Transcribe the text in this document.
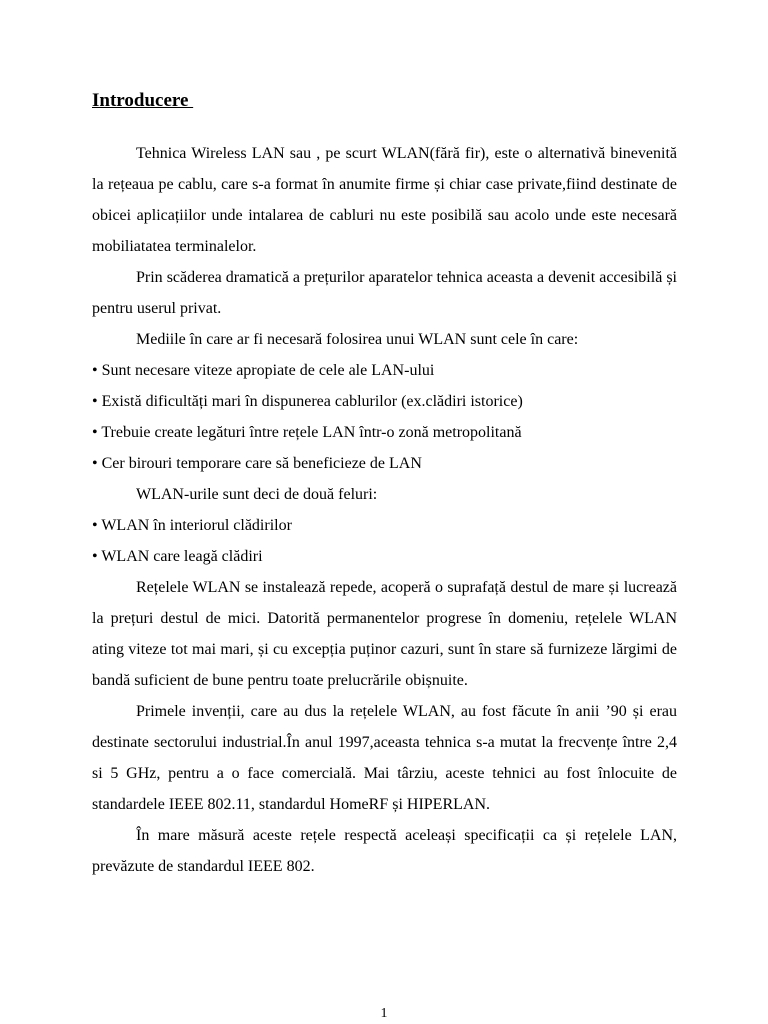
Introducere

Tehnica Wireless LAN sau , pe scurt WLAN(fără fir), este o alternativă binevenită la rețeaua pe cablu, care s-a format în anumite firme și chiar case private,fiind destinate de obicei aplicațiilor unde intalarea de cabluri nu este posibilă sau acolo unde este necesară mobiliatatea terminalelor.

Prin scăderea dramatică a prețurilor aparatelor tehnica aceasta a devenit accesibilă și pentru userul privat.

Mediile în care ar fi necesară folosirea unui WLAN sunt cele în care:

• Sunt necesare viteze apropiate de cele ale LAN-ului

• Există dificultăți mari în dispunerea cablurilor (ex.clădiri istorice)

• Trebuie create legături între rețele LAN într-o zonă metropolitană

• Cer birouri temporare care să beneficieze de LAN

WLAN-urile sunt deci de două feluri:

• WLAN în interiorul clădirilor

• WLAN care leagă clădiri

Rețelele WLAN se instalează repede, acoperă o suprafață destul de mare și lucrează la prețuri destul de mici. Datorită permanentelor progrese în domeniu, rețelele WLAN ating viteze tot mai mari, și cu excepția puținor cazuri, sunt în stare să furnizeze lărgimi de bandă suficient de bune pentru toate prelucrările obișnuite.

Primele invenții, care au dus la rețelele WLAN, au fost făcute în anii ’90 și erau destinate sectorului industrial.În anul 1997,aceasta tehnica s-a mutat la frecvențe între 2,4 si 5 GHz, pentru a o face comercială. Mai târziu, aceste tehnici au fost înlocuite de standardele IEEE 802.11, standardul HomeRF și HIPERLAN.

În mare măsură aceste rețele respectă aceleași specificații ca și rețelele LAN, prevăzute de standardul IEEE 802.

1
